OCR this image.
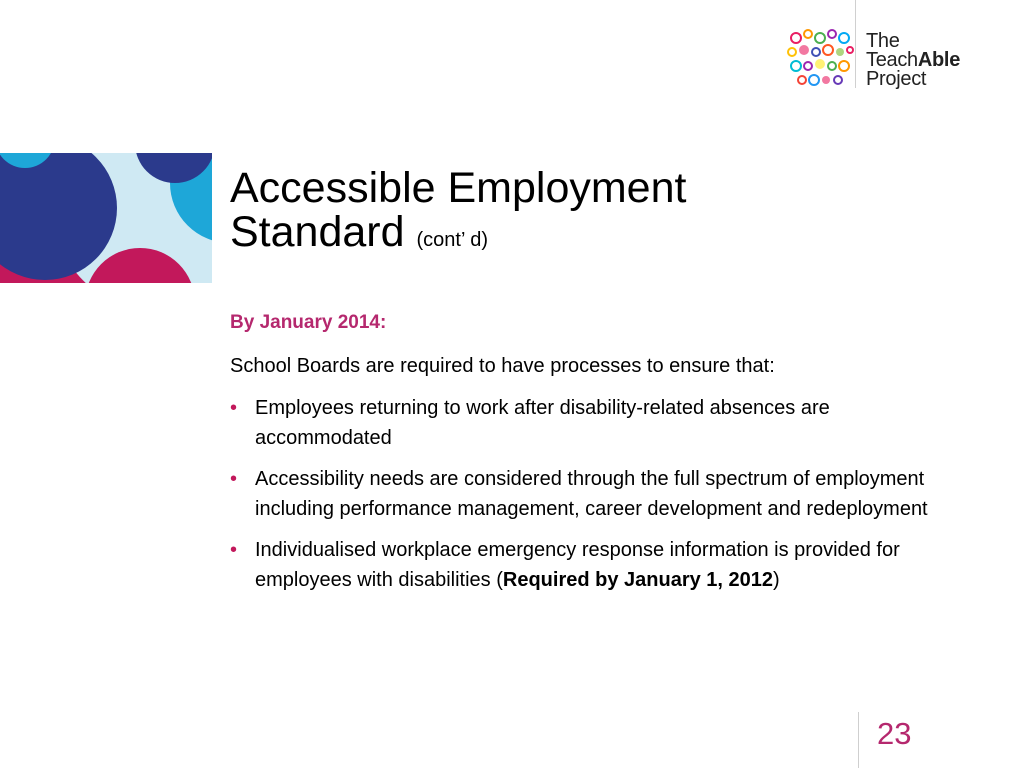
The
TeachAble
Project
Accessible Employment
Standard (cont’ d)

By January 2014:

School Boards are required to have processes to ensure that:

• Employees returning to work after disability-related absences are accommodated
• Accessibility needs are considered through the full spectrum of employment including performance management, career development and redeployment
• Individualised workplace emergency response information is provided for employees with disabilities (Required by January 1, 2012)
23
